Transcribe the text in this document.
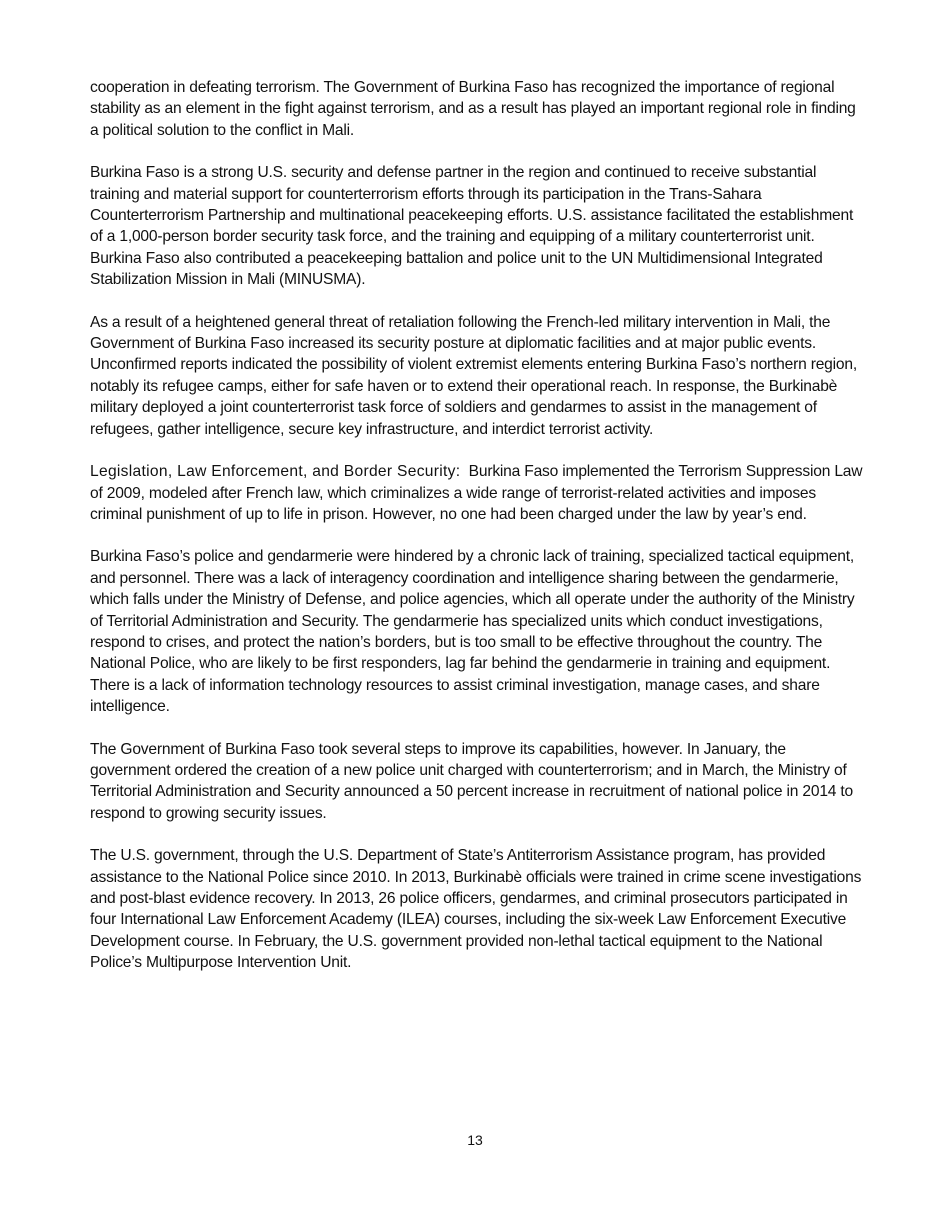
cooperation in defeating terrorism. The Government of Burkina Faso has recognized the importance of regional stability as an element in the fight against terrorism, and as a result has played an important regional role in finding a political solution to the conflict in Mali.

Burkina Faso is a strong U.S. security and defense partner in the region and continued to receive substantial training and material support for counterterrorism efforts through its participation in the Trans-Sahara Counterterrorism Partnership and multinational peacekeeping efforts. U.S. assistance facilitated the establishment of a 1,000-person border security task force, and the training and equipping of a military counterterrorist unit. Burkina Faso also contributed a peacekeeping battalion and police unit to the UN Multidimensional Integrated Stabilization Mission in Mali (MINUSMA).

As a result of a heightened general threat of retaliation following the French-led military intervention in Mali, the Government of Burkina Faso increased its security posture at diplomatic facilities and at major public events. Unconfirmed reports indicated the possibility of violent extremist elements entering Burkina Faso’s northern region, notably its refugee camps, either for safe haven or to extend their operational reach. In response, the Burkinabè military deployed a joint counterterrorist task force of soldiers and gendarmes to assist in the management of refugees, gather intelligence, secure key infrastructure, and interdict terrorist activity.

Legislation, Law Enforcement, and Border Security: Burkina Faso implemented the Terrorism Suppression Law of 2009, modeled after French law, which criminalizes a wide range of terrorist-related activities and imposes criminal punishment of up to life in prison. However, no one had been charged under the law by year’s end.

Burkina Faso’s police and gendarmerie were hindered by a chronic lack of training, specialized tactical equipment, and personnel. There was a lack of interagency coordination and intelligence sharing between the gendarmerie, which falls under the Ministry of Defense, and police agencies, which all operate under the authority of the Ministry of Territorial Administration and Security. The gendarmerie has specialized units which conduct investigations, respond to crises, and protect the nation’s borders, but is too small to be effective throughout the country. The National Police, who are likely to be first responders, lag far behind the gendarmerie in training and equipment. There is a lack of information technology resources to assist criminal investigation, manage cases, and share intelligence.

The Government of Burkina Faso took several steps to improve its capabilities, however. In January, the government ordered the creation of a new police unit charged with counterterrorism; and in March, the Ministry of Territorial Administration and Security announced a 50 percent increase in recruitment of national police in 2014 to respond to growing security issues.

The U.S. government, through the U.S. Department of State’s Antiterrorism Assistance program, has provided assistance to the National Police since 2010. In 2013, Burkinabè officials were trained in crime scene investigations and post-blast evidence recovery. In 2013, 26 police officers, gendarmes, and criminal prosecutors participated in four International Law Enforcement Academy (ILEA) courses, including the six-week Law Enforcement Executive Development course. In February, the U.S. government provided non-lethal tactical equipment to the National Police’s Multipurpose Intervention Unit.

13
